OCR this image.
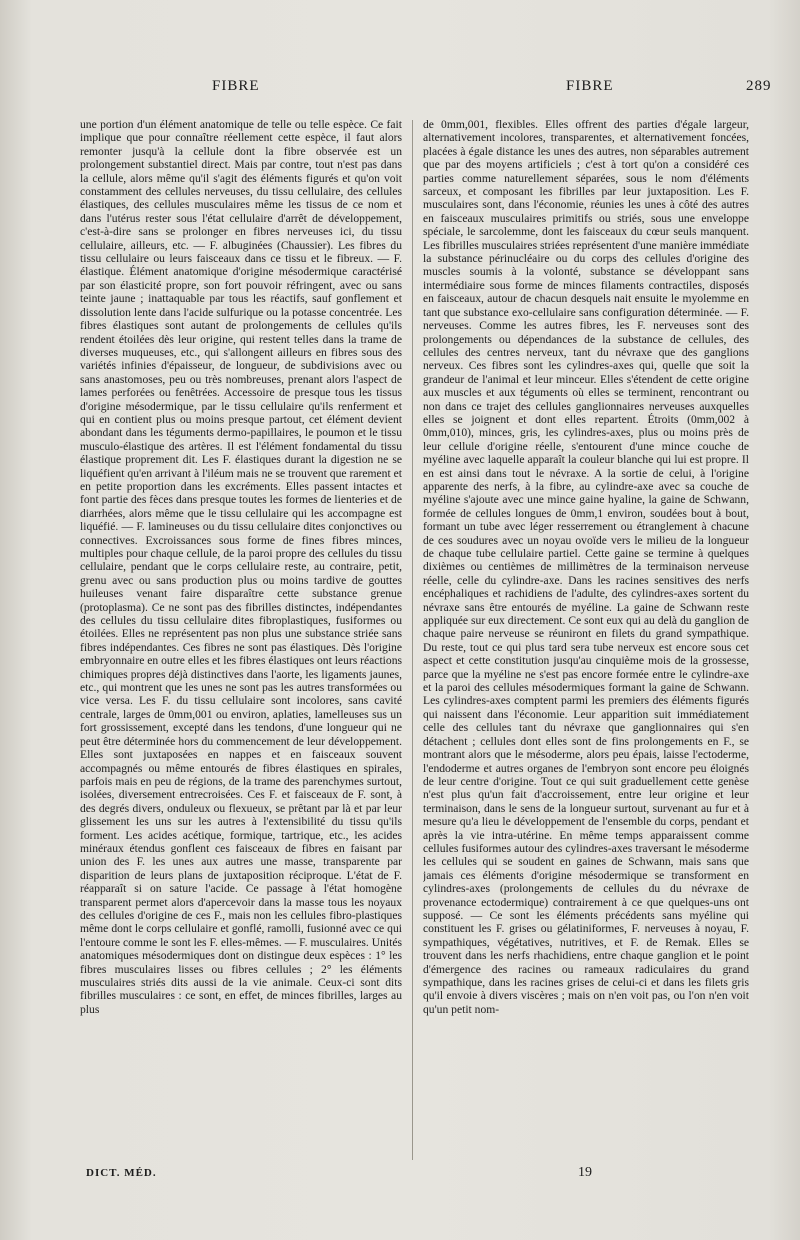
FIBRE	FIBRE	289

une portion d'un élément anatomique de telle ou telle espèce. Ce fait implique que pour connaître réellement cette espèce, il faut alors remonter jusqu'à la cellule dont la fibre observée est un prolongement substantiel direct. Mais par contre, tout n'est pas dans la cellule, alors même qu'il s'agit des éléments figurés et qu'on voit constamment des cellules nerveuses, du tissu cellulaire, des cellules élastiques, des cellules musculaires même les tissus de ce nom et dans l'utérus rester sous l'état cellulaire d'arrêt de développement, c'est-à-dire sans se prolonger en fibres nerveuses ici, du tissu cellulaire, ailleurs, etc. — F. albuginées (Chaussier). Les fibres du tissu cellulaire ou leurs faisceaux dans ce tissu et le fibreux. — F. élastique. Élément anatomique d'origine mésodermique caractérisé par son élasticité propre, son fort pouvoir réfringent, avec ou sans teinte jaune ; inattaquable par tous les réactifs, sauf gonflement et dissolution lente dans l'acide sulfurique ou la potasse concentrée. Les fibres élastiques sont autant de prolongements de cellules qu'ils rendent étoilées dès leur origine, qui restent telles dans la trame de diverses muqueuses, etc., qui s'allongent ailleurs en fibres sous des variétés infinies d'épaisseur, de longueur, de subdivisions avec ou sans anastomoses, peu ou très nombreuses, prenant alors l'aspect de lames perforées ou fenêtrées. Accessoire de presque tous les tissus d'origine mésodermique, par le tissu cellulaire qu'ils renferment et qui en contient plus ou moins presque partout, cet élément devient abondant dans les téguments dermo-papillaires, le poumon et le tissu musculo-élastique des artères. Il est l'élément fondamental du tissu élastique proprement dit. Les F. élastiques durant la digestion ne se liquéfient qu'en arrivant à l'iléum mais ne se trouvent que rarement et en petite proportion dans les excréments. Elles passent intactes et font partie des fèces dans presque toutes les formes de lienteries et de diarrhées, alors même que le tissu cellulaire qui les accompagne est liquéfié. — F. lamineuses ou du tissu cellulaire dites conjonctives ou connectives. Excroissances sous forme de fines fibres minces, multiples pour chaque cellule, de la paroi propre des cellules du tissu cellulaire, pendant que le corps cellulaire reste, au contraire, petit, grenu avec ou sans production plus ou moins tardive de gouttes huileuses venant faire disparaître cette substance grenue (protoplasma). Ce ne sont pas des fibrilles distinctes, indépendantes des cellules du tissu cellulaire dites fibroplastiques, fusiformes ou étoilées. Elles ne représentent pas non plus une substance striée sans fibres indépendantes. Ces fibres ne sont pas élastiques. Dès l'origine embryonnaire en outre elles et les fibres élastiques ont leurs réactions chimiques propres déjà distinctives dans l'aorte, les ligaments jaunes, etc., qui montrent que les unes ne sont pas les autres transformées ou vice versa. Les F. du tissu cellulaire sont incolores, sans cavité centrale, larges de 0mm,001 ou environ, aplaties, lamelleuses sus un fort grossissement, excepté dans les tendons, d'une longueur qui ne peut être déterminée hors du commencement de leur développement. Elles sont juxtaposées en nappes et en faisceaux souvent accompagnés ou même entourés de fibres élastiques en spirales, parfois mais en peu de régions, de la trame des parenchymes surtout, isolées, diversement entrecroisées. Ces F. et faisceaux de F. sont, à des degrés divers, onduleux ou flexueux, se prêtant par là et par leur glissement les uns sur les autres à l'extensibilité du tissu qu'ils forment. Les acides acétique, formique, tartrique, etc., les acides minéraux étendus gonflent ces faisceaux de fibres en faisant par union des F. les unes aux autres une masse, transparente par disparition de leurs plans de juxtaposition réciproque. L'état de F. réapparaît si on sature l'acide. Ce passage à l'état homogène transparent permet alors d'apercevoir dans la masse tous les noyaux des cellules d'origine de ces F., mais non les cellules fibro-plastiques même dont le corps cellulaire et gonflé, ramolli, fusionné avec ce qui l'entoure comme le sont les F. elles-mêmes. — F. musculaires. Unités anatomiques mésodermiques dont on distingue deux espèces : 1° les fibres musculaires lisses ou fibres cellules ; 2° les éléments musculaires striés dits aussi de la vie animale. Ceux-ci sont dits fibrilles musculaires : ce sont, en effet, de minces fibrilles, larges au plus

de 0mm,001, flexibles. Elles offrent des parties d'égale largeur, alternativement incolores, transparentes, et alternativement foncées, placées à égale distance les unes des autres, non séparables autrement que par des moyens artificiels ; c'est à tort qu'on a considéré ces parties comme naturellement séparées, sous le nom d'éléments sarceux, et composant les fibrilles par leur juxtaposition. Les F. musculaires sont, dans l'économie, réunies les unes à côté des autres en faisceaux musculaires primitifs ou striés, sous une enveloppe spéciale, le sarcolemme, dont les faisceaux du cœur seuls manquent. Les fibrilles musculaires striées représentent d'une manière immédiate la substance périnucléaire ou du corps des cellules d'origine des muscles soumis à la volonté, substance se développant sans intermédiaire sous forme de minces filaments contractiles, disposés en faisceaux, autour de chacun desquels nait ensuite le myolemme en tant que substance exo-cellulaire sans configuration déterminée. — F. nerveuses. Comme les autres fibres, les F. nerveuses sont des prolongements ou dépendances de la substance de cellules, des cellules des centres nerveux, tant du névraxe que des ganglions nerveux. Ces fibres sont les cylindres-axes qui, quelle que soit la grandeur de l'animal et leur minceur. Elles s'étendent de cette origine aux muscles et aux téguments où elles se terminent, rencontrant ou non dans ce trajet des cellules ganglionnaires nerveuses auxquelles elles se joignent et dont elles repartent. Étroits (0mm,002 à 0mm,010), minces, gris, les cylindres-axes, plus ou moins près de leur cellule d'origine réelle, s'entourent d'une mince couche de myéline avec laquelle apparaît la couleur blanche qui lui est propre. Il en est ainsi dans tout le névraxe. A la sortie de celui, à l'origine apparente des nerfs, à la fibre, au cylindre-axe avec sa couche de myéline s'ajoute avec une mince gaine hyaline, la gaine de Schwann, formée de cellules longues de 0mm,1 environ, soudées bout à bout, formant un tube avec léger resserrement ou étranglement à chacune de ces soudures avec un noyau ovoïde vers le milieu de la longueur de chaque tube cellulaire partiel. Cette gaine se termine à quelques dixièmes ou centièmes de millimètres de la terminaison nerveuse réelle, celle du cylindre-axe. Dans les racines sensitives des nerfs encéphaliques et rachidiens de l'adulte, des cylindres-axes sortent du névraxe sans être entourés de myéline. La gaine de Schwann reste appliquée sur eux directement. Ce sont eux qui au delà du ganglion de chaque paire nerveuse se réuniront en filets du grand sympathique. Du reste, tout ce qui plus tard sera tube nerveux est encore sous cet aspect et cette constitution jusqu'au cinquième mois de la grossesse, parce que la myéline ne s'est pas encore formée entre le cylindre-axe et la paroi des cellules mésodermiques formant la gaine de Schwann. Les cylindres-axes comptent parmi les premiers des éléments figurés qui naissent dans l'économie. Leur apparition suit immédiatement celle des cellules tant du névraxe que ganglionnaires qui s'en détachent ; cellules dont elles sont de fins prolongements en F., se montrant alors que le mésoderme, alors peu épais, laisse l'ectoderme, l'endoderme et autres organes de l'embryon sont encore peu éloignés de leur centre d'origine. Tout ce qui suit graduellement cette genèse n'est plus qu'un fait d'accroissement, entre leur origine et leur terminaison, dans le sens de la longueur surtout, survenant au fur et à mesure qu'a lieu le développement de l'ensemble du corps, pendant et après la vie intra-utérine. En même temps apparaissent comme cellules fusiformes autour des cylindres-axes traversant le mésoderme les cellules qui se soudent en gaines de Schwann, mais sans que jamais ces éléments d'origine mésodermique se transforment en cylindres-axes (prolongements de cellules du du névraxe de provenance ectodermique) contrairement à ce que quelques-uns ont supposé. — Ce sont les éléments précédents sans myéline qui constituent les F. grises ou gélatiniformes, F. nerveuses à noyau, F. sympathiques, végétatives, nutritives, et F. de Remak. Elles se trouvent dans les nerfs rhachidiens, entre chaque ganglion et le point d'émergence des racines ou rameaux radiculaires du grand sympathique, dans les racines grises de celui-ci et dans les filets gris qu'il envoie à divers viscères ; mais on n'en voit pas, ou l'on n'en voit qu'un petit nom-

DICT. MÉD.	19
